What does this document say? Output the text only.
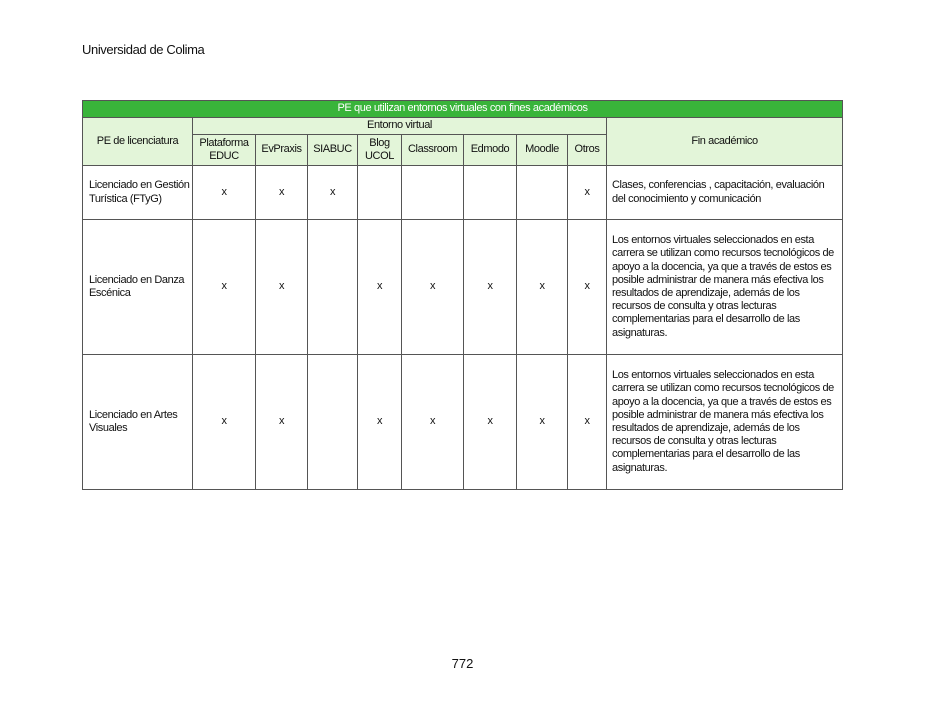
Universidad de Colima
PE que utilizan entornos virtuales con fines académicos									
PE de licenciatura	Entorno virtual								Fin académico
	Plataforma EDUC	EvPraxis	SIABUC	Blog UCOL	Classroom	Edmodo	Moodle	Otros	
Licenciado en Gestión Turística (FTyG)	x	x	x					x	Clases, conferencias , capacitación, evaluación del conocimiento y comunicación
Licenciado en Danza Escénica	x	x		x	x	x	x	x	Los entornos virtuales seleccionados en esta carrera se utilizan como recursos tecnológicos de apoyo a la docencia, ya que a través de estos es posible administrar de manera más efectiva los resultados de aprendizaje, además de los recursos de consulta y otras lecturas complementarias para el desarrollo de las asignaturas.
Licenciado en Artes Visuales	x	x		x	x	x	x	x	Los entornos virtuales seleccionados en esta carrera se utilizan como recursos tecnológicos de apoyo a la docencia, ya que a través de estos es posible administrar de manera más efectiva los resultados de aprendizaje, además de los recursos de consulta y otras lecturas complementarias para el desarrollo de las asignaturas.
772
